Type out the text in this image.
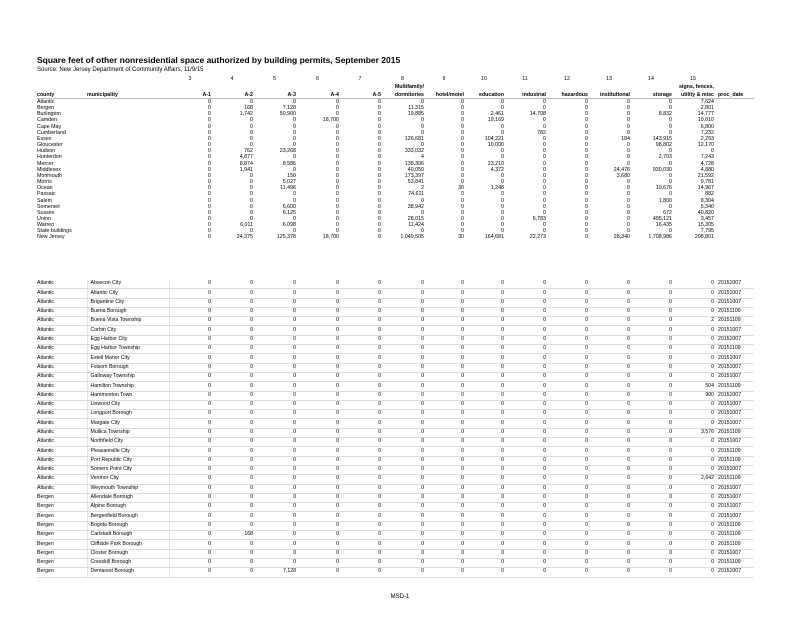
Square feet of other nonresidential space authorized by building permits, September 2015
Source: New Jersey Department of Community Affairs, 11/9/15
		3	4	5	6	7	8	9	10	11	12	13	14	15	
							Multifamily/							signs, fences,	
county	municipality	A-1	A-2	A-3	A-4	A-5	dormitories	hotel/motel	education	industrial	hazardous	institutional	storage	utility & misc	proc_date
Atlantic		0	0	0	0	0	0	0	0	0	0	0	0	7,624	
Bergen		0	168	7,128	0	0	11,315	0	0	0	0	0	0	2,801	
Burlington		0	1,742	50,900	0	0	19,885	0	2,461	14,708	0	0	8,832	14,777	
Camden		0	0	0	18,700	0	0	0	19,169	0	0	0	0	10,010	
Cape May		0	0	0	0	0	0	0	0	0	0	0	0	6,800	
Cumberland		0	0	0	0	0	0	0	0	782	0	0	0	7,232	
Essex		0	0	0	0	0	126,681	0	104,221	0	0	184	143,915	2,293	
Gloucester		0	0	0	0	0	0	0	10,000	0	0	0	98,802	12,170	
Hudson		0	762	23,268	0	0	333,032	0	0	0	0	0	0	0	
Hunterdon		0	4,877	0	0	0	4	0	0	0	0	0	2,703	7,243	
Mercer		0	8,874	8,586	0	0	138,306	0	23,210	0	0	0	0	4,728	
Middlesex		0	1,941	0	0	0	40,050	0	4,372	0	0	24,476	930,030	4,880	
Monmouth		0	0	150	0	0	173,397	0	0	0	0	3,680	0	21,592	
Morris		0	0	5,027	0	0	53,841	0	0	0	0	0	0	9,781	
Ocean		0	0	11,496	0	0	2	30	1,248	0	0	0	10,676	14,967	
Passaic		0	0	0	0	0	74,611	0	0	0	0	0	0	882	
Salem		0	0	0	0	0	0	0	0	0	0	0	1,800	8,304	
Somerset		0	0	6,600	0	0	38,942	0	0	0	0	0	0	5,340	
Sussex		0	0	6,125	0	0	0	0	0	0	0	0	672	40,820	
Union		0	0	0	0	0	28,015	0	0	6,783	0	0	495,121	3,457	
Warren		0	6,011	6,098	0	0	11,424	0	0	0	0	0	16,435	15,305	
State buildings		0	0	0	0	0	0	0	0	0	0	0	0	7,795	
New Jersey		0	24,375	125,378	18,700	0	1,049,505	30	164,681	22,273	0	28,340	1,708,986	208,801	
Atlantic	Absecon City	0	0	0	0	0	0	0	0	0	0	0	0	0	20151007
Atlantic	Atlantic City	0	0	0	0	0	0	0	0	0	0	0	0	0	20151007
Atlantic	Brigantine City	0	0	0	0	0	0	0	0	0	0	0	0	0	20151007
Atlantic	Buena Borough	0	0	0	0	0	0	0	0	0	0	0	0	0	20151109
Atlantic	Buena Vista Township	0	0	0	0	0	0	0	0	0	0	0	0	2	20151109
Atlantic	Corbin City	0	0	0	0	0	0	0	0	0	0	0	0	0	20151007
Atlantic	Egg Harbor City	0	0	0	0	0	0	0	0	0	0	0	0	0	20151007
Atlantic	Egg Harbor Township	0	0	0	0	0	0	0	0	0	0	0	0	0	20151109
Atlantic	Estell Manor City	0	0	0	0	0	0	0	0	0	0	0	0	0	20151007
Atlantic	Folsom Borough	0	0	0	0	0	0	0	0	0	0	0	0	0	20151007
Atlantic	Galloway Township	0	0	0	0	0	0	0	0	0	0	0	0	0	20151007
Atlantic	Hamilton Township	0	0	0	0	0	0	0	0	0	0	0	0	504	20151109
Atlantic	Hammonton Town	0	0	0	0	0	0	0	0	0	0	0	0	900	20151007
Atlantic	Linwood City	0	0	0	0	0	0	0	0	0	0	0	0	0	20151007
Atlantic	Longport Borough	0	0	0	0	0	0	0	0	0	0	0	0	0	20151007
Atlantic	Margate City	0	0	0	0	0	0	0	0	0	0	0	0	0	20151007
Atlantic	Mullica Township	0	0	0	0	0	0	0	0	0	0	0	0	3,576	20151109
Atlantic	Northfield City	0	0	0	0	0	0	0	0	0	0	0	0	0	20151007
Atlantic	Pleasantville City	0	0	0	0	0	0	0	0	0	0	0	0	0	20151109
Atlantic	Port Republic City	0	0	0	0	0	0	0	0	0	0	0	0	0	20151109
Atlantic	Somers Point City	0	0	0	0	0	0	0	0	0	0	0	0	0	20151007
Atlantic	Ventnor City	0	0	0	0	0	0	0	0	0	0	0	0	2,642	20151109
Atlantic	Weymouth Township	0	0	0	0	0	0	0	0	0	0	0	0	0	20151007
Bergen	Allendale Borough	0	0	0	0	0	0	0	0	0	0	0	0	0	20151007
Bergen	Alpine Borough	0	0	0	0	0	0	0	0	0	0	0	0	0	20151007
Bergen	Bergenfield Borough	0	0	0	0	0	0	0	0	0	0	0	0	0	20151007
Bergen	Bogota Borough	0	0	0	0	0	0	0	0	0	0	0	0	0	20151109
Bergen	Carlstadt Borough	0	168	0	0	0	0	0	0	0	0	0	0	0	20151109
Bergen	Cliffside Park Borough	0	0	0	0	0	0	0	0	0	0	0	0	0	20151109
Bergen	Closter Borough	0	0	0	0	0	0	0	0	0	0	0	0	0	20151007
Bergen	Cresskill Borough	0	0	0	0	0	0	0	0	0	0	0	0	0	20151109
Bergen	Demarest Borough	0	0	7,128	0	0	0	0	0	0	0	0	0	0	20151007
MSD-1
